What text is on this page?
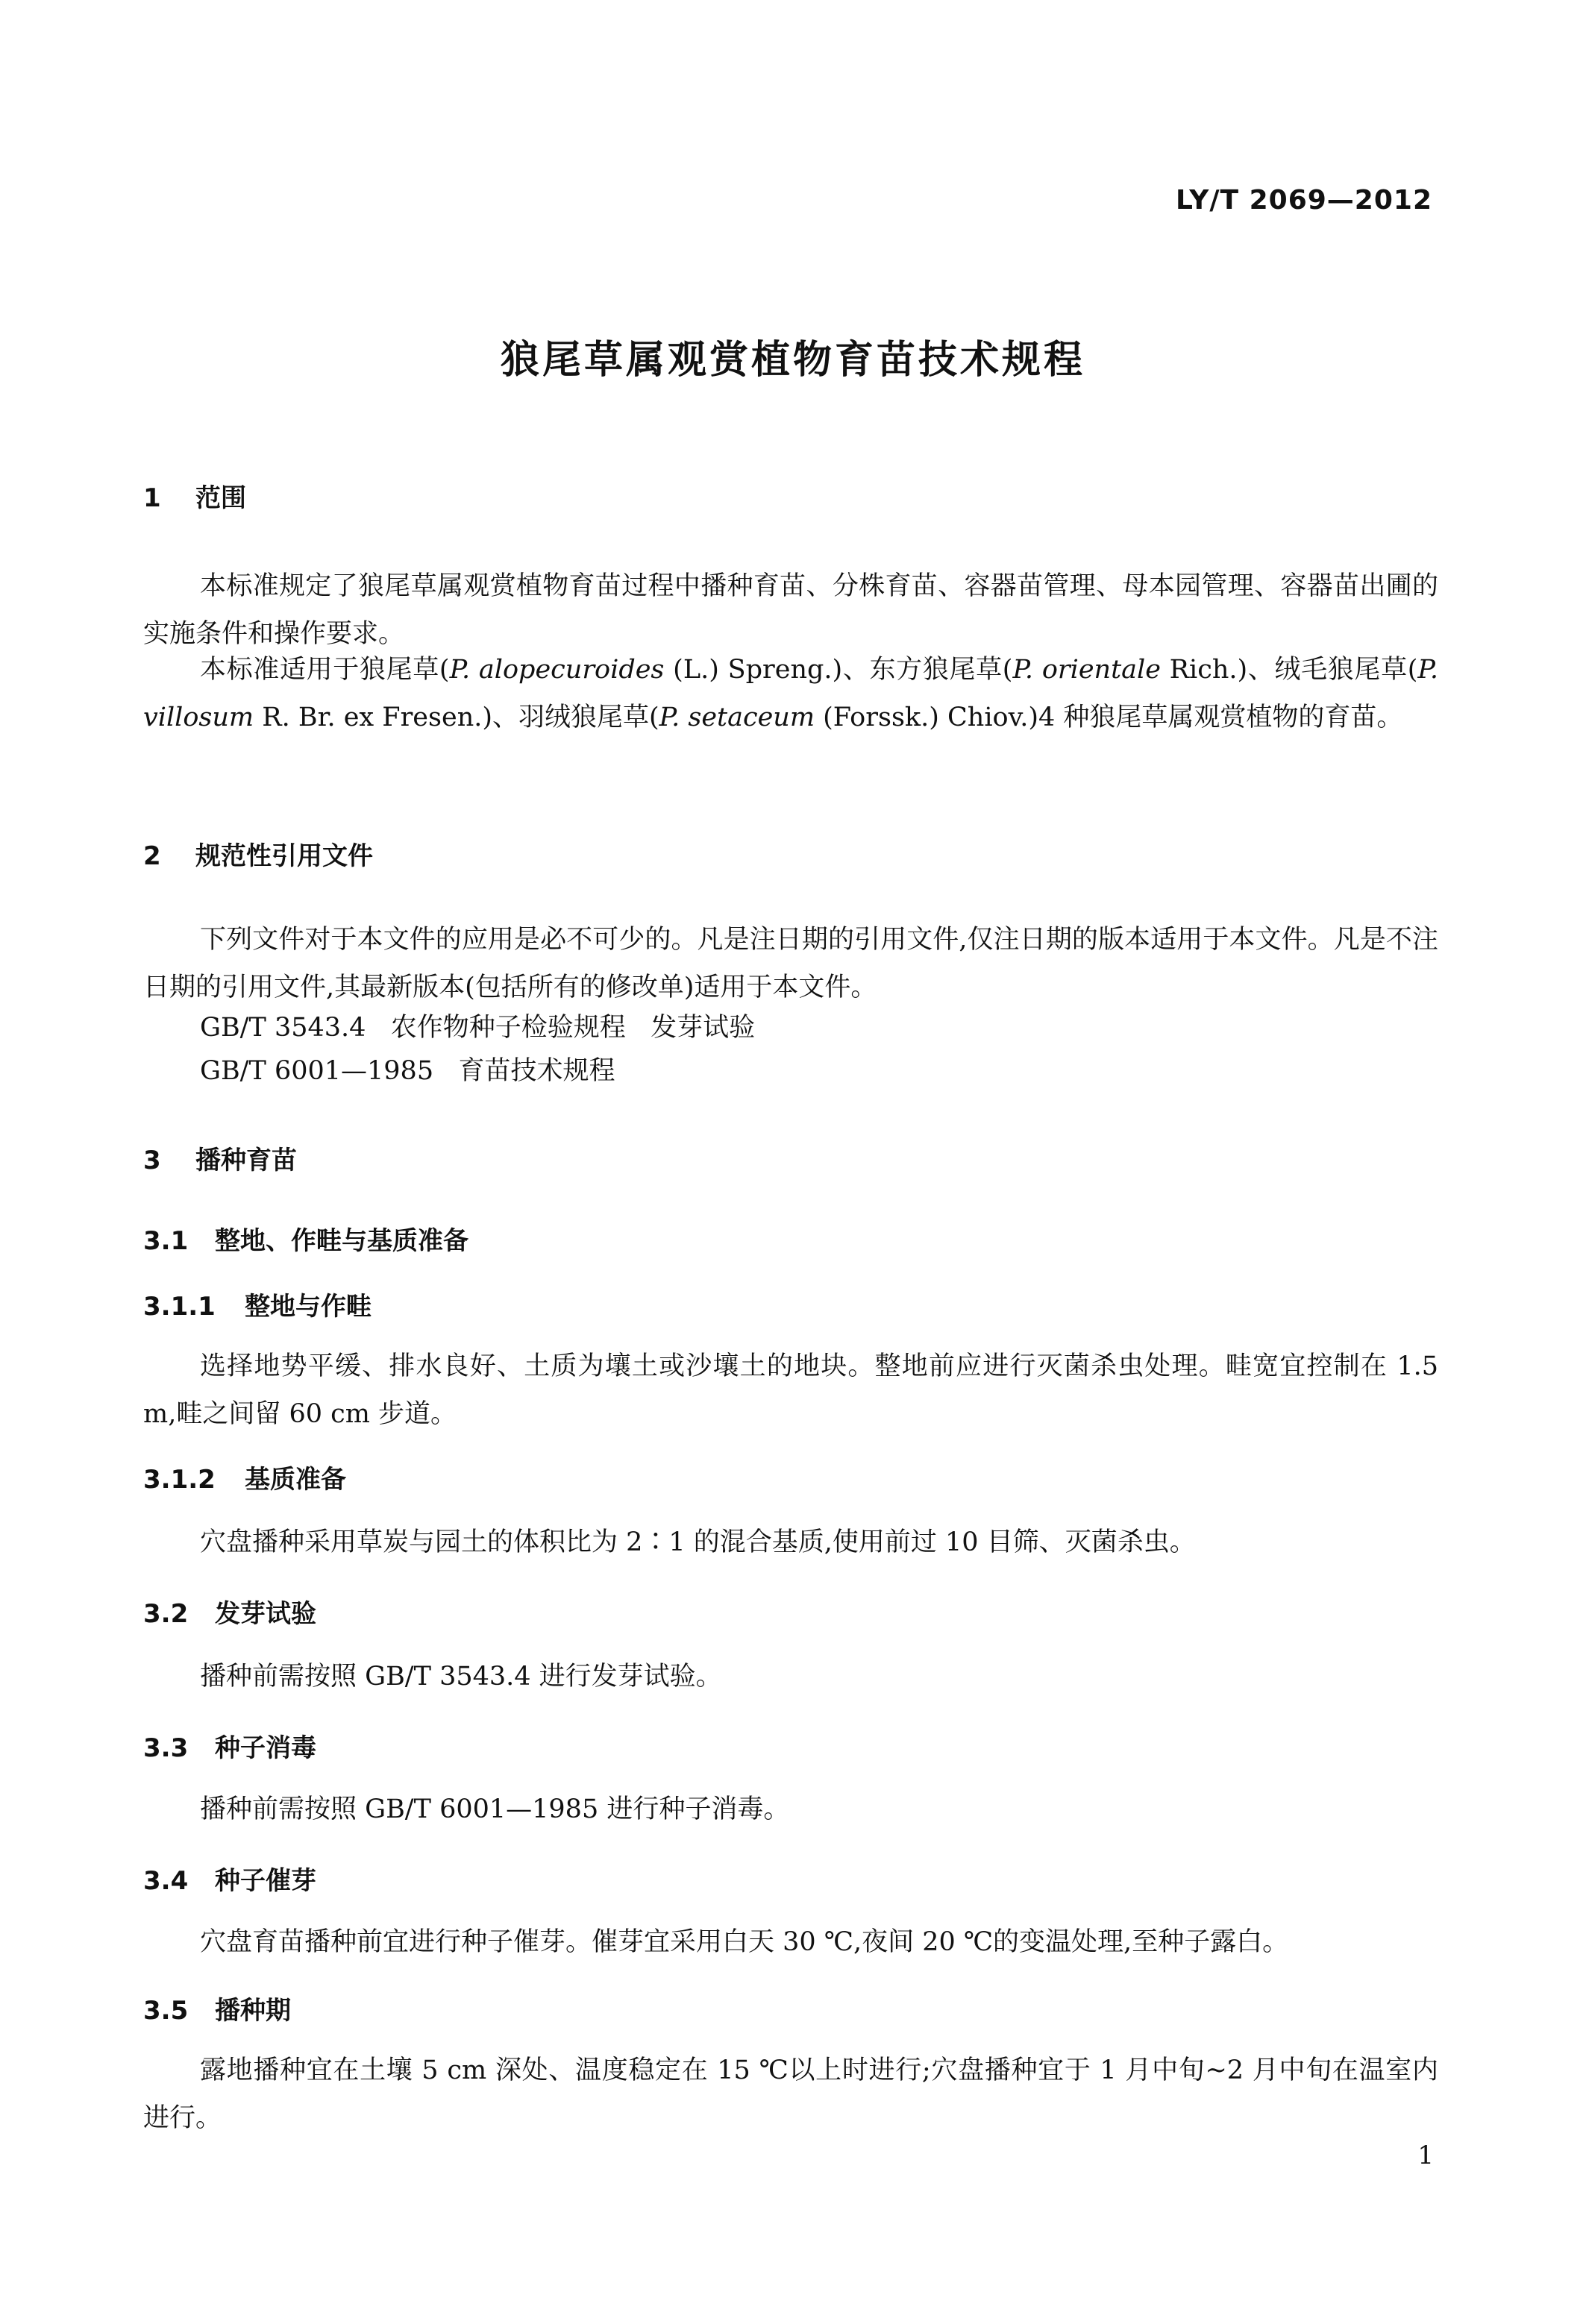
LY/T 2069—2012
狼尾草属观赏植物育苗技术规程
1 范围
本标准规定了狼尾草属观赏植物育苗过程中播种育苗、分株育苗、容器苗管理、母本园管理、容器苗出圃的实施条件和操作要求。
本标准适用于狼尾草(P. alopecuroides (L.) Spreng.)、东方狼尾草(P. orientale Rich.)、绒毛狼尾草(P. villosum R. Br. ex Fresen.)、羽绒狼尾草(P. setaceum (Forssk.) Chiov.)4 种狼尾草属观赏植物的育苗。
2 规范性引用文件
下列文件对于本文件的应用是必不可少的。凡是注日期的引用文件,仅注日期的版本适用于本文件。凡是不注日期的引用文件,其最新版本(包括所有的修改单)适用于本文件。
GB/T 3543.4   农作物种子检验规程   发芽试验
GB/T 6001—1985   育苗技术规程
3 播种育苗
3.1 整地、作畦与基质准备
3.1.1 整地与作畦
选择地势平缓、排水良好、土质为壤土或沙壤土的地块。整地前应进行灭菌杀虫处理。畦宽宜控制在 1.5 m,畦之间留 60 cm 步道。
3.1.2 基质准备
穴盘播种采用草炭与园土的体积比为 2∶1 的混合基质,使用前过 10 目筛、灭菌杀虫。
3.2 发芽试验
播种前需按照 GB/T 3543.4 进行发芽试验。
3.3 种子消毒
播种前需按照 GB/T 6001—1985 进行种子消毒。
3.4 种子催芽
穴盘育苗播种前宜进行种子催芽。催芽宜采用白天 30 ℃,夜间 20 ℃的变温处理,至种子露白。
3.5 播种期
露地播种宜在土壤 5 cm 深处、温度稳定在 15 ℃以上时进行;穴盘播种宜于 1 月中旬~2 月中旬在温室内进行。
1
